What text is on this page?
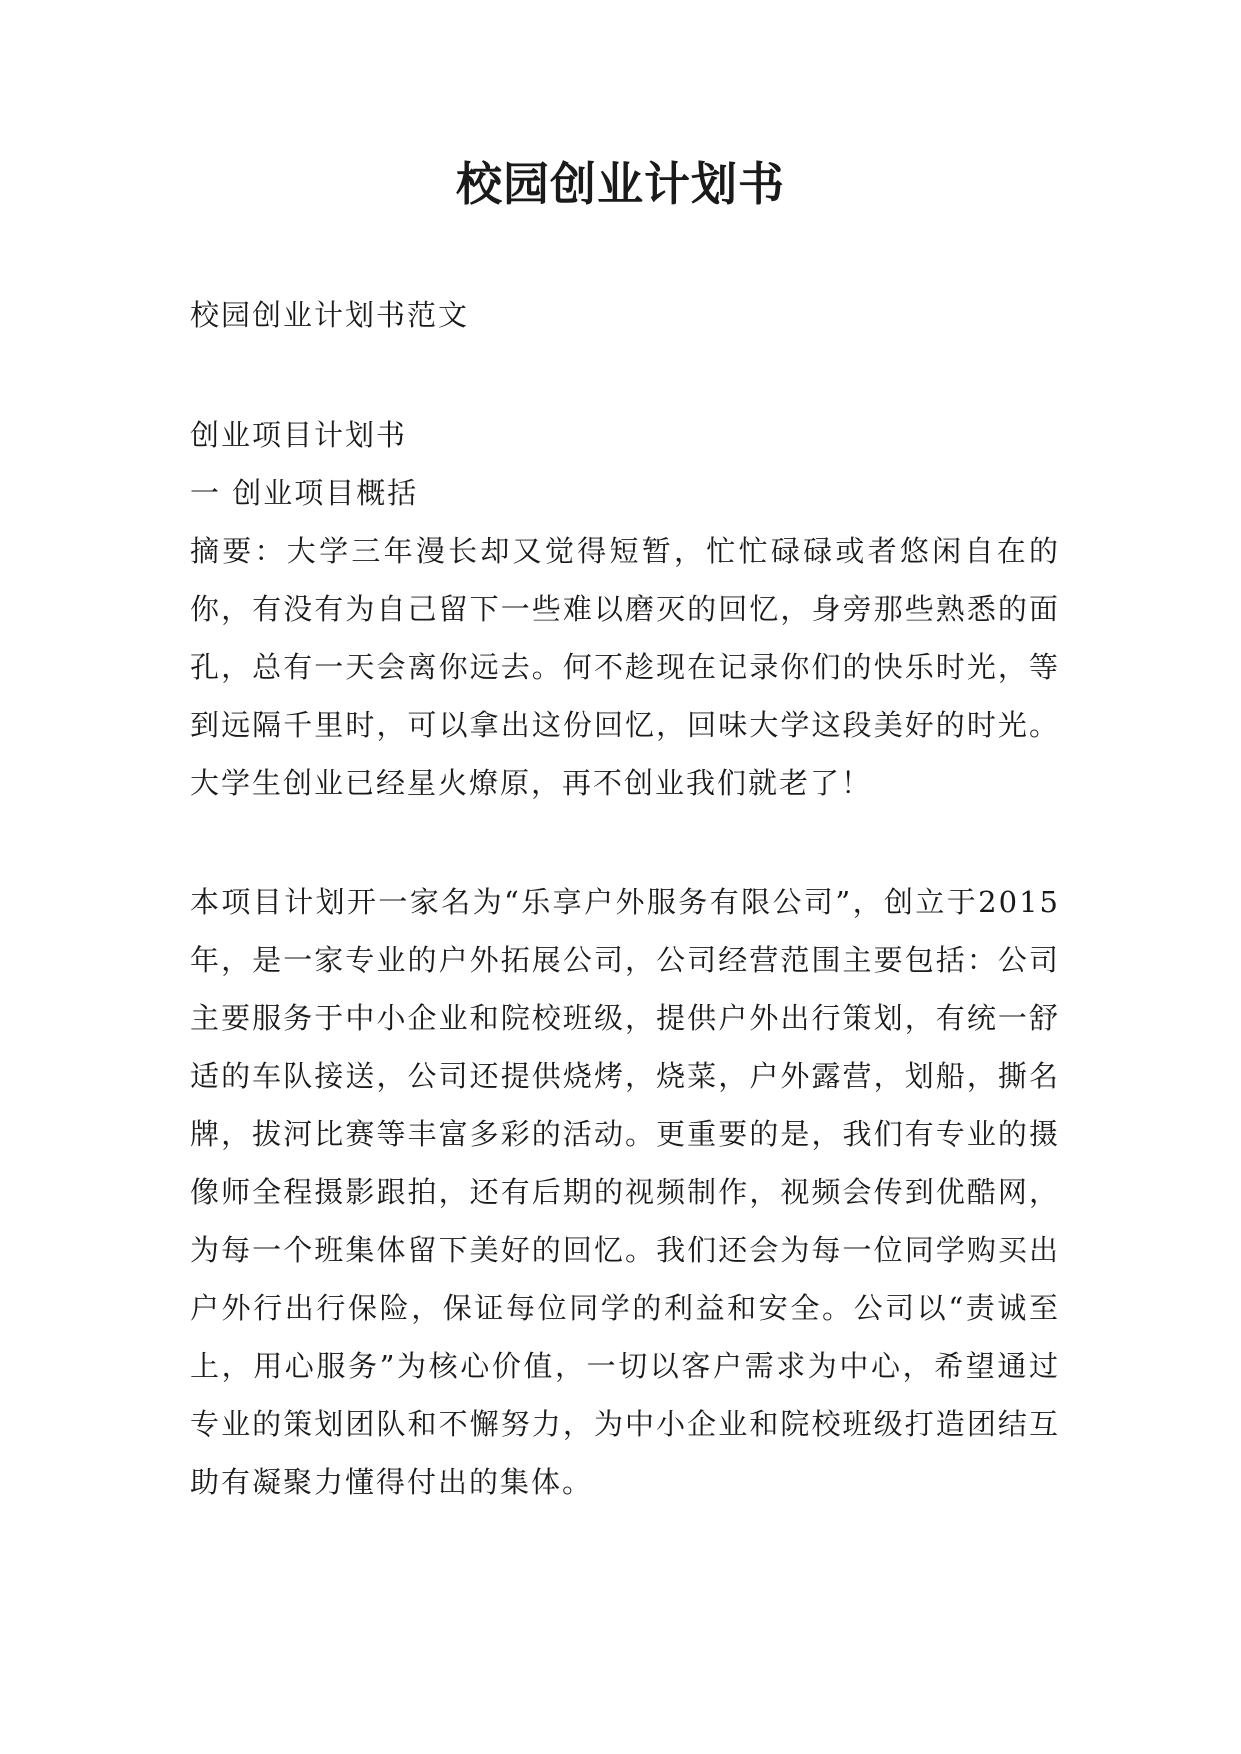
校园创业计划书

校园创业计划书范文

创业项目计划书

一 创业项目概括

摘要：大学三年漫长却又觉得短暂，忙忙碌碌或者悠闲自在的你，有没有为自己留下一些难以磨灭的回忆，身旁那些熟悉的面孔，总有一天会离你远去。何不趁现在记录你们的快乐时光，等到远隔千里时，可以拿出这份回忆，回味大学这段美好的时光。大学生创业已经星火燎原，再不创业我们就老了！

本项目计划开一家名为“乐享户外服务有限公司”，创立于2015年，是一家专业的户外拓展公司，公司经营范围主要包括：公司主要服务于中小企业和院校班级，提供户外出行策划，有统一舒适的车队接送，公司还提供烧烤，烧菜，户外露营，划船，撕名牌，拔河比赛等丰富多彩的活动。更重要的是，我们有专业的摄像师全程摄影跟拍，还有后期的视频制作，视频会传到优酷网，为每一个班集体留下美好的回忆。我们还会为每一位同学购买出户外行出行保险，保证每位同学的利益和安全。公司以“责诚至上，用心服务”为核心价值，一切以客户需求为中心，希望通过专业的策划团队和不懈努力，为中小企业和院校班级打造团结互助有凝聚力懂得付出的集体。
